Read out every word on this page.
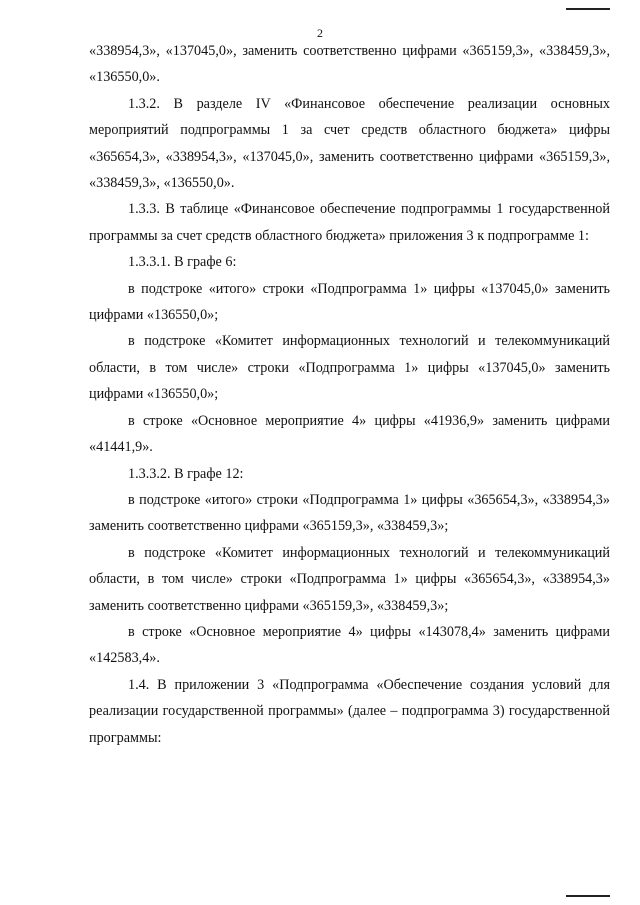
2

«338954,3», «137045,0», заменить соответственно цифрами «365159,3», «338459,3», «136550,0».

1.3.2. В разделе IV «Финансовое обеспечение реализации основных мероприятий подпрограммы 1 за счет средств областного бюджета» цифры «365654,3», «338954,3», «137045,0», заменить соответственно цифрами «365159,3», «338459,3», «136550,0».

1.3.3. В таблице «Финансовое обеспечение подпрограммы 1 государственной программы за счет средств областного бюджета» приложения 3 к подпрограмме 1:

1.3.3.1. В графе 6:

в подстроке «итого» строки «Подпрограмма 1» цифры «137045,0» заменить цифрами «136550,0»;

в подстроке «Комитет информационных технологий и телекоммуникаций области, в том числе» строки «Подпрограмма 1» цифры «137045,0» заменить цифрами «136550,0»;

в строке «Основное мероприятие 4» цифры «41936,9» заменить цифрами «41441,9».

1.3.3.2. В графе 12:

в подстроке «итого» строки «Подпрограмма 1» цифры «365654,3», «338954,3» заменить соответственно цифрами «365159,3», «338459,3»;

в подстроке «Комитет информационных технологий и телекоммуникаций области, в том числе» строки «Подпрограмма 1» цифры «365654,3», «338954,3» заменить соответственно цифрами «365159,3», «338459,3»;

в строке «Основное мероприятие 4» цифры «143078,4» заменить цифрами «142583,4».

1.4. В приложении 3 «Подпрограмма «Обеспечение создания условий для реализации государственной программы» (далее – подпрограмма 3) государственной программы:
